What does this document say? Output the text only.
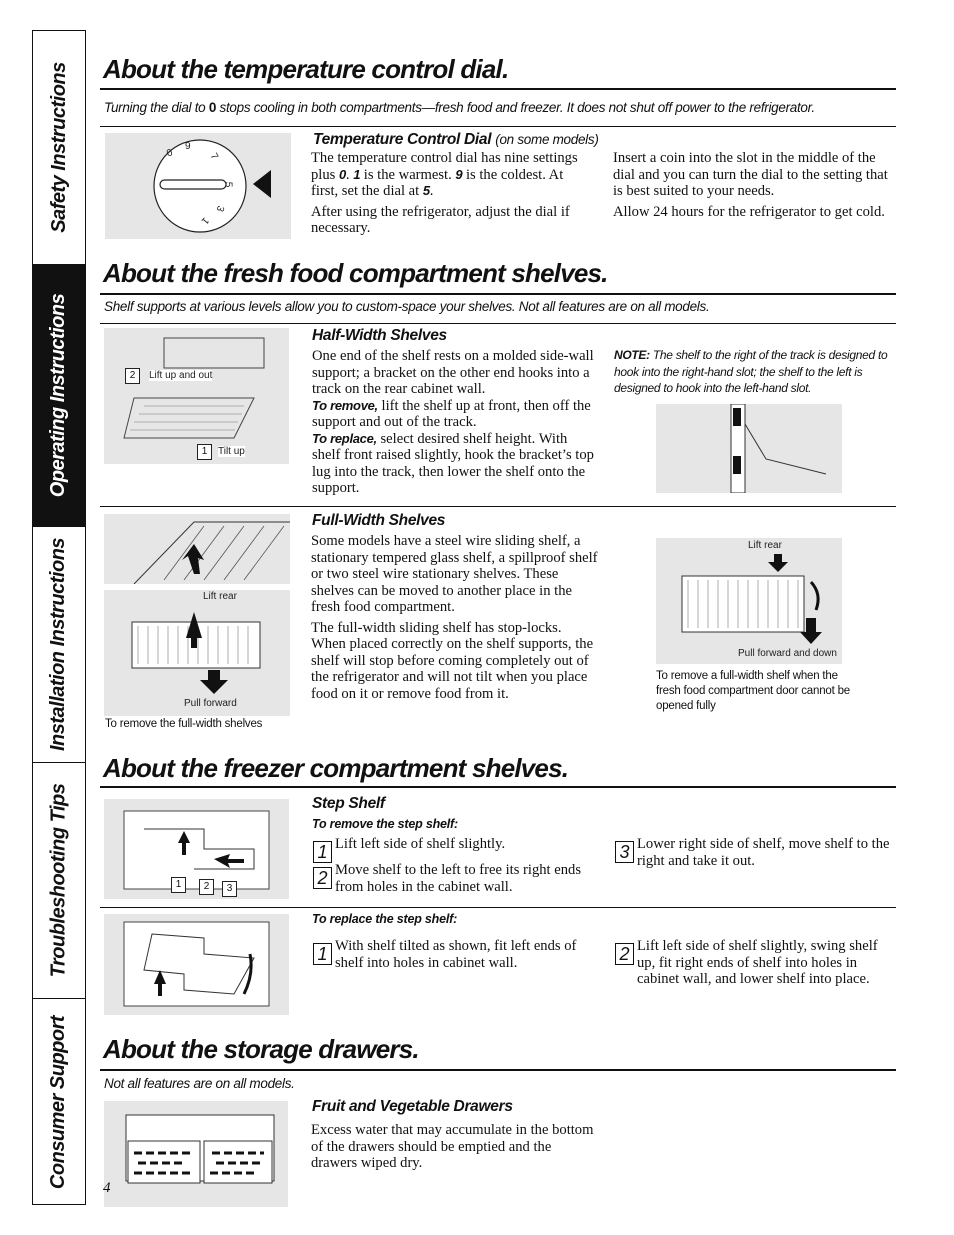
Safety Instructions
Operating Instructions
Installation Instructions
Troubleshooting Tips
Consumer Support
About the temperature control dial.
Turning the dial to 0 stops cooling in both compartments—fresh food and freezer. It does not shut off power to the refrigerator.
0
9
7
5
3
1
Temperature Control Dial (on some models)

The temperature control dial has nine settings plus 0. 1 is the warmest. 9 is the coldest. At first, set the dial at 5.

After using the refrigerator, adjust the dial if necessary.

Insert a coin into the slot in the middle of the dial and you can turn the dial to the setting that is best suited to your needs.

Allow 24 hours for the refrigerator to get cold.

About the fresh food compartment shelves.
Shelf supports at various levels allow you to custom-space your shelves. Not all features are on all models.
2	Lift up and out
1	Tilt up
Half-Width Shelves

One end of the shelf rests on a molded side-wall support; a bracket on the other end hooks into a track on the rear cabinet wall.

To remove, lift the shelf up at front, then off the support and out of the track.

To replace, select desired shelf height. With shelf front raised slightly, hook the bracket’s top lug into the track, then lower the shelf onto the support.

NOTE: The shelf to the right of the track is designed to hook into the right-hand slot; the shelf to the left is designed to hook into the left-hand slot.
Lift rear
Pull forward
To remove the full-width shelves
Full-Width Shelves

Some models have a steel wire sliding shelf, a stationary tempered glass shelf, a spillproof shelf or two steel wire stationary shelves. These shelves can be moved to another place in the fresh food compartment.

The full-width sliding shelf has stop-locks. When placed correctly on the shelf supports, the shelf will stop before coming completely out of the refrigerator and will not tilt when you place food on it or remove food from it.

Lift rear
Pull forward and down
To remove a full-width shelf when the fresh food compartment door cannot be opened fully
About the freezer compartment shelves.
1	2	3
Step Shelf
To remove the step shelf:
1 Lift left side of shelf slightly.
2 Move shelf to the left to free its right ends from holes in the cabinet wall.
3 Lower right side of shelf, move shelf to the right and take it out.
To replace the step shelf:
1 With shelf tilted as shown, fit left ends of shelf into holes in cabinet wall.	2 Lift left side of shelf slightly, swing shelf up, fit right ends of shelf into holes in cabinet wall, and lower shelf into place.
About the storage drawers.
Not all features are on all models.
Fruit and Vegetable Drawers
Excess water that may accumulate in the bottom of the drawers should be emptied and the drawers wiped dry.
4
